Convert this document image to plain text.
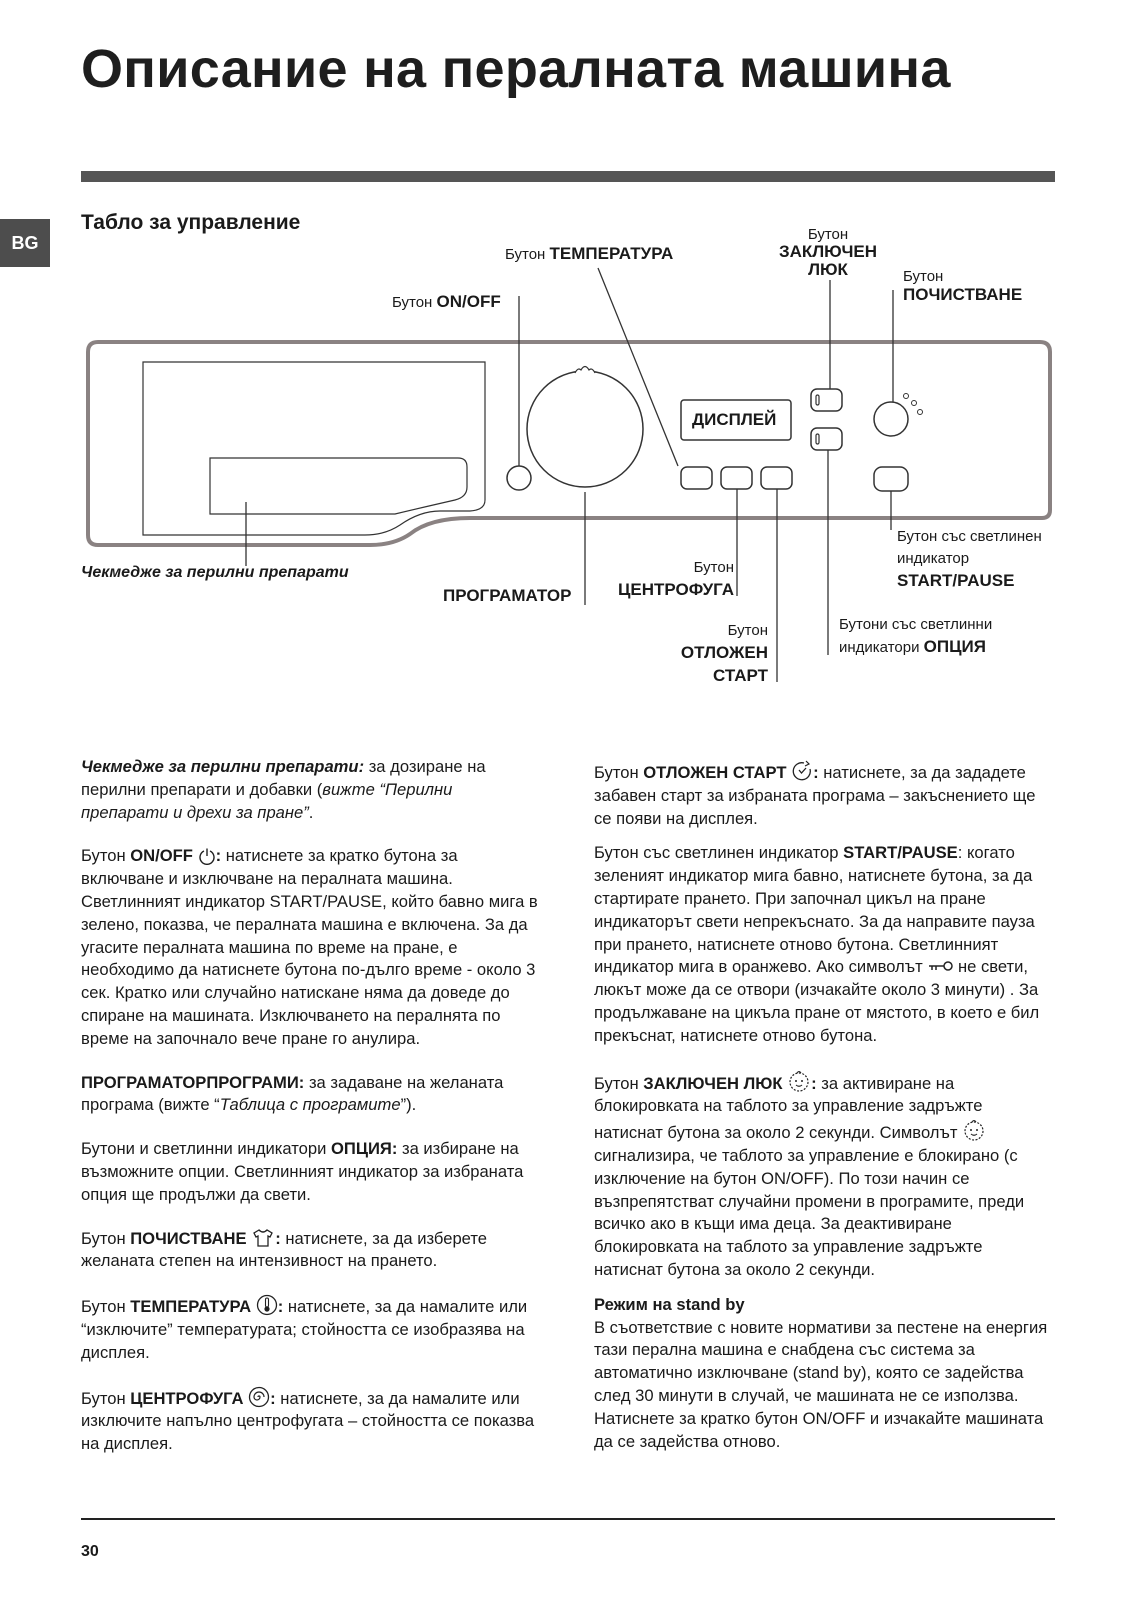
Описание на пералната машина
BG
Табло за управление
Бутон ON/OFF
Бутон ТЕМПЕРАТУРА
Бутон
ЗАКЛЮЧЕН
ЛЮК	Бутон
ПОЧИСТВАНЕ
Бутон със светлинен
индикатор
START/PAUSE
Бутони със светлинни
индикатори ОПЦИЯ
Бутон
ОТЛОЖЕН
СТАРТ
Бутон
ЦЕНТРОФУГА
ПРОГРАМАТОР
Чекмедже за перилни препарати
ДИСПЛЕЙ

Чекмедже за перилни препарати: за дозиране на перилни препарати и добавки (вижте “Перилни препарати и дрехи за пране”.

Бутон ON/OFF : натиснете за кратко бутона за включване и изключване на пералната машина. Светлинният индикатор START/PAUSE, който бавно мига в зелено, показва, че пералната машина е включена. За да угасите пералната машина по време на пране, е необходимо да натиснете бутона по-дълго време - около 3 сек. Кратко или случайно натискане няма да доведе до спиране на машината. Изключването на пералнята по време на започнало вече пране го анулира.

ПРОГРАМАТОРПРОГРАМИ: за задаване на желаната програма (вижте “Таблица с програмите”).

Бутони и светлинни индикатори ОПЦИЯ: за избиране на възможните опции. Светлинният индикатор за избраната опция ще продължи да свети.

Бутон ПОЧИСТВАНЕ : натиснете, за да изберете желаната степен на интензивност на прането.

Бутон ТЕМПЕРАТУРА : натиснете, за да намалите или “изключите” температурата; стойността се изобразява на дисплея.

Бутон ЦЕНТРОФУГА : натиснете, за да намалите или изключите напълно центрофугата – стойността се показва на дисплея.

Бутон ОТЛОЖЕН СТАРТ : натиснете, за да зададете забавен старт за избраната програма – закъснението ще се появи на дисплея.

Бутон със светлинен индикатор START/PAUSE: когато зеленият индикатор мига бавно, натиснете бутона, за да стартирате прането. При започнал цикъл на пране индикаторът свети непрекъснато. За да направите пауза при прането, натиснете отново бутона. Светлинният индикатор мига в оранжево. Ако символът  не свети, люкът може да се отвори (изчакайте около 3 минути) . За продължаване на цикъла пране от мястото, в което е бил прекъснат, натиснете отново бутона.

Бутон ЗАКЛЮЧЕН ЛЮК : за активиране на блокировката на таблото за управление задръжте натиснат бутона за около 2 секунди. Символът  сигнализира, че таблото за управление е блокирано (с изключение на бутон ON/OFF). По този начин се възпрепятстват случайни промени в програмите, преди всичко ако в къщи има деца. За деактивиране блокировката на таблото за управление задръжте натиснат бутона за около 2 секунди.

Режим на stand by
В съответствие с новите нормативи за пестене на енергия тази перална машина е снабдена със система за автоматично изключване (stand by), която се задейства след 30 минути в случай, че машината не се използва. Натиснете за кратко бутон ON/OFF и изчакайте машината да се задейства отново.

30
